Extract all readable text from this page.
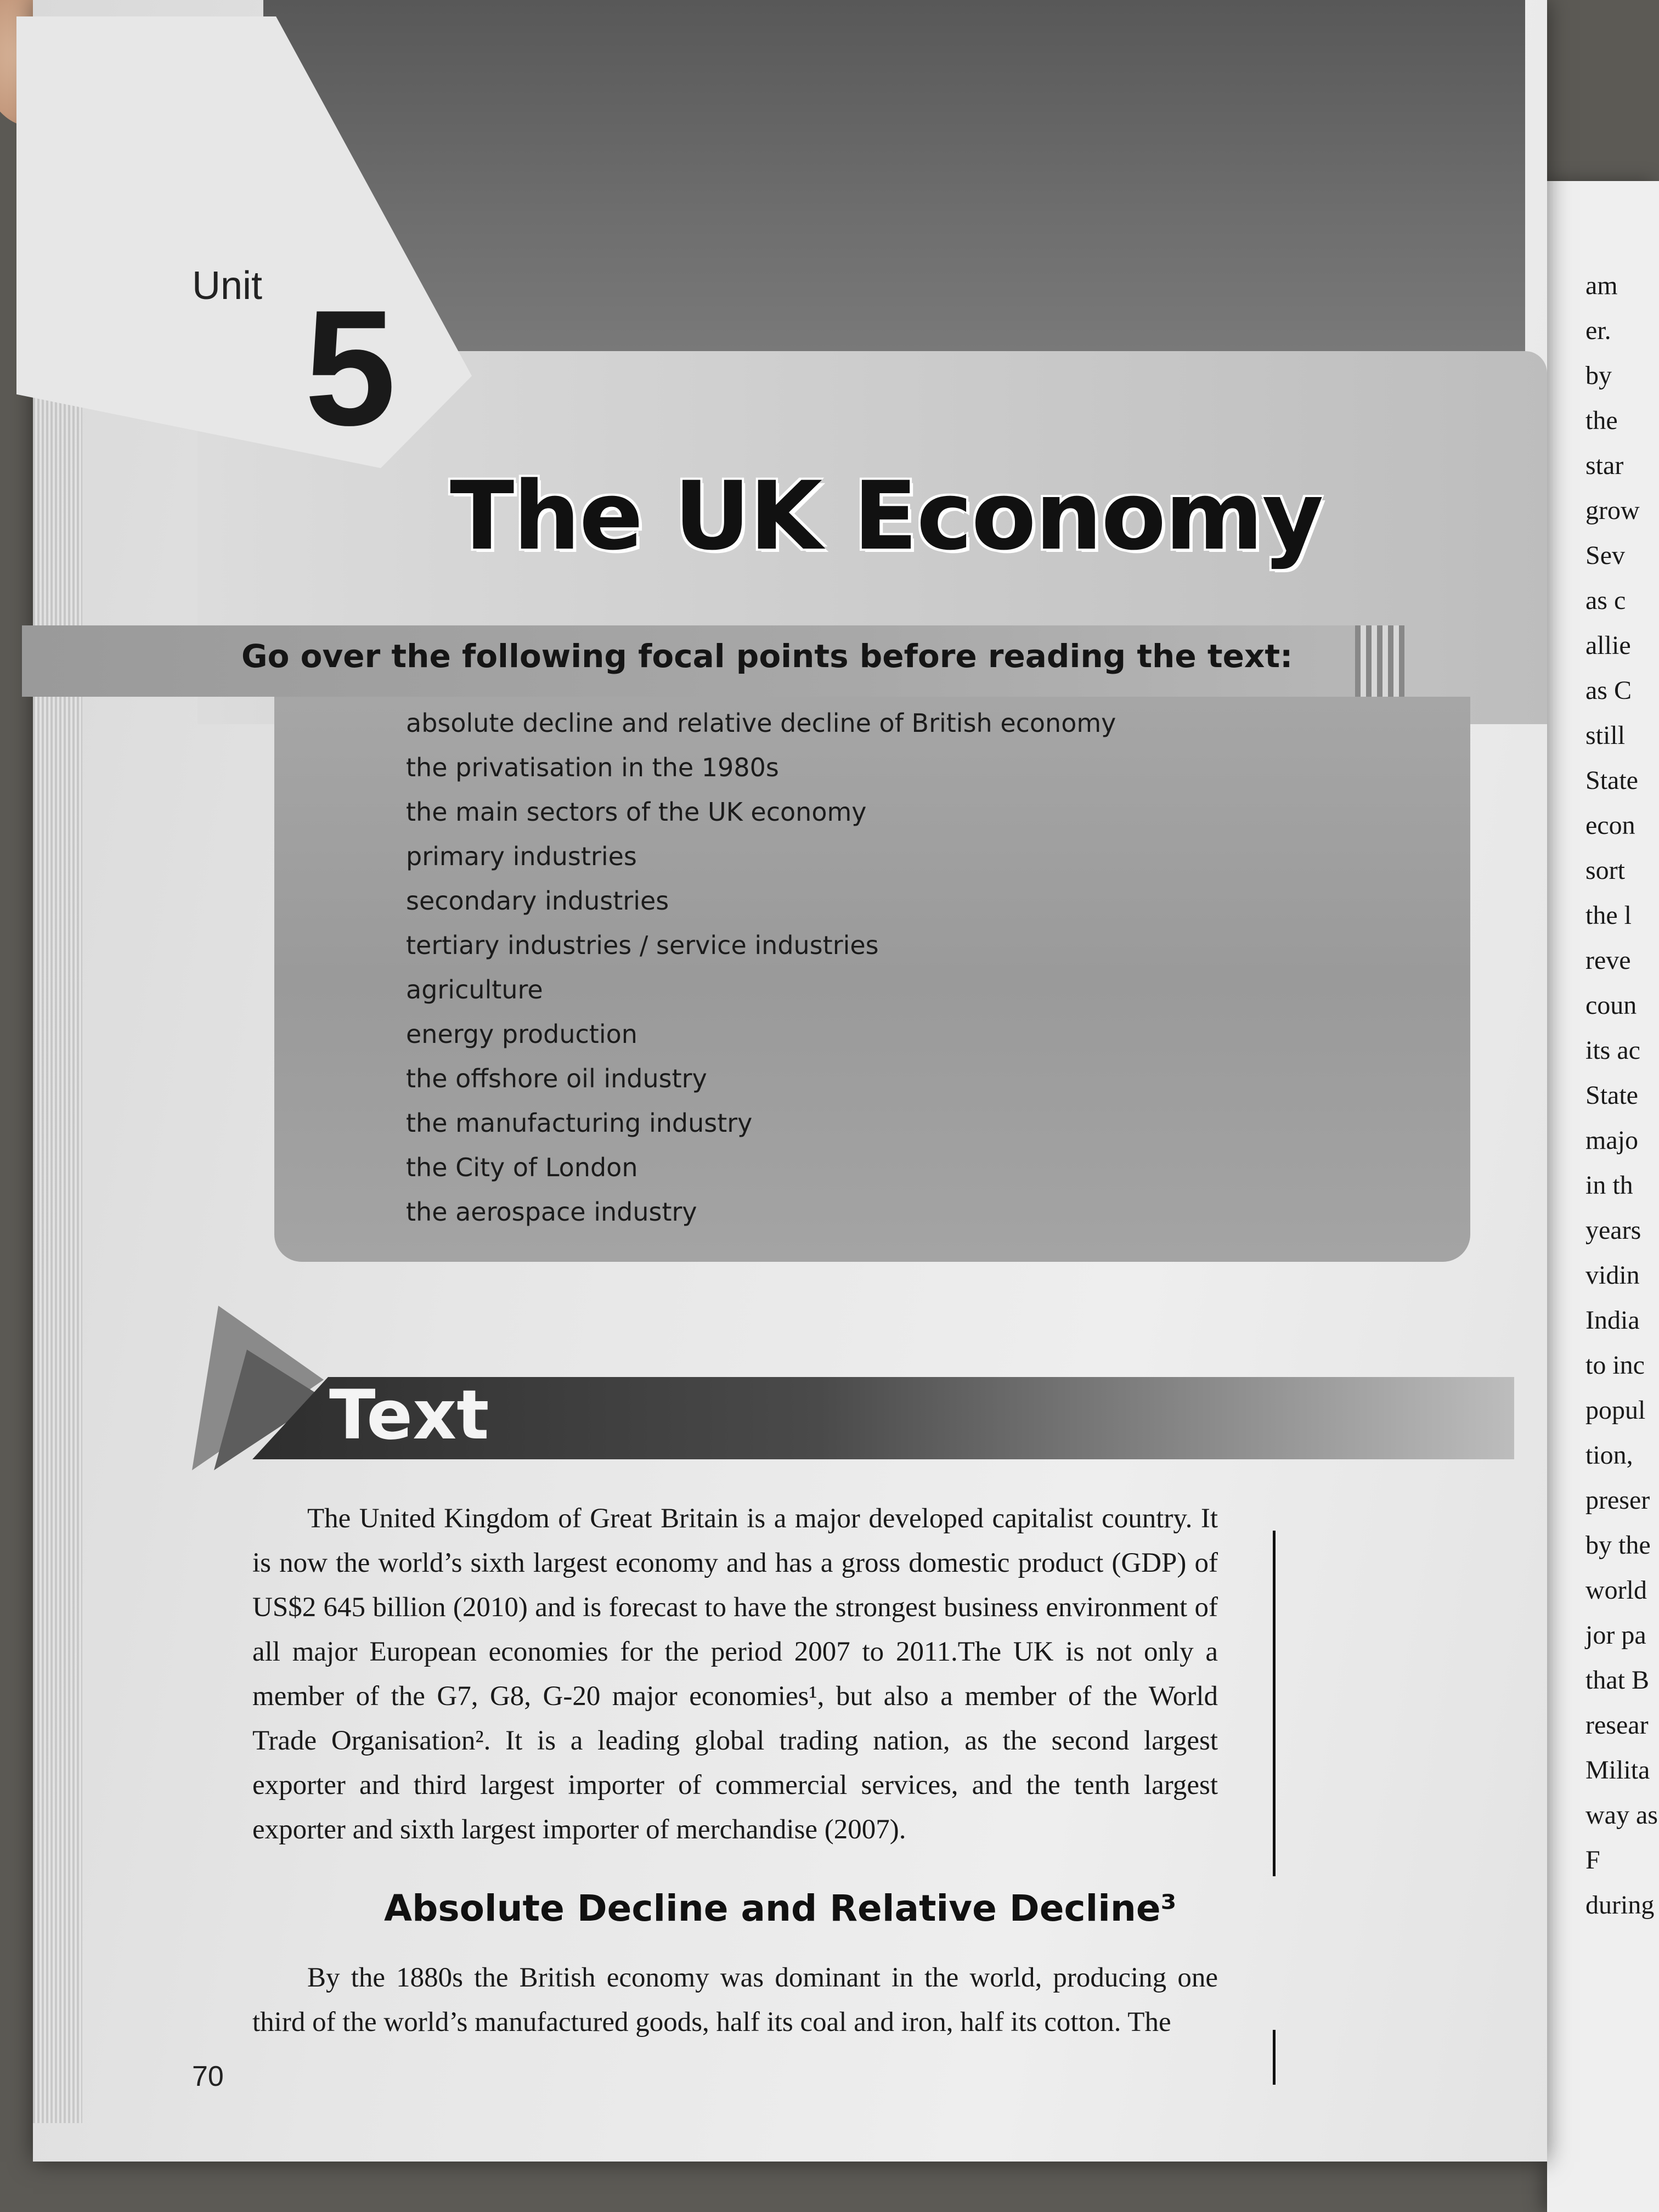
am
er.
by
the
star
grow
Sev
as c
allie
as C
still
State
econ
sort
the l
reve
coun
its ac
State
majo
in th
years
vidin
India
to inc
popul
tion,
preser
by the
world
jor pa
that B
resear
Milita
way as
F
during

Unit 5

The UK Economy
Go over the following focal points before reading the text:
absolute decline and relative decline of British economy
the privatisation in the 1980s
the main sectors of the UK economy
primary industries
secondary industries
tertiary industries / service industries
agriculture
energy production
the offshore oil industry
the manufacturing industry
the City of London
the aerospace industry
Text

The United Kingdom of Great Britain is a major developed capitalist country. It is now the world’s sixth largest economy and has a gross domestic product (GDP) of US$2 645 billion (2010) and is forecast to have the strongest business environment of all major European economies for the period 2007 to 2011.The UK is not only a member of the G7, G8, G-20 major economies¹, but also a member of the World Trade Organisation². It is a leading global trading nation, as the second largest exporter and third largest importer of commercial services, and the tenth largest exporter and sixth largest importer of merchandise (2007).

Absolute Decline and Relative Decline³

By the 1880s the British economy was dominant in the world, producing one third of the world’s manufactured goods, half its coal and iron, half its cotton. The

70
